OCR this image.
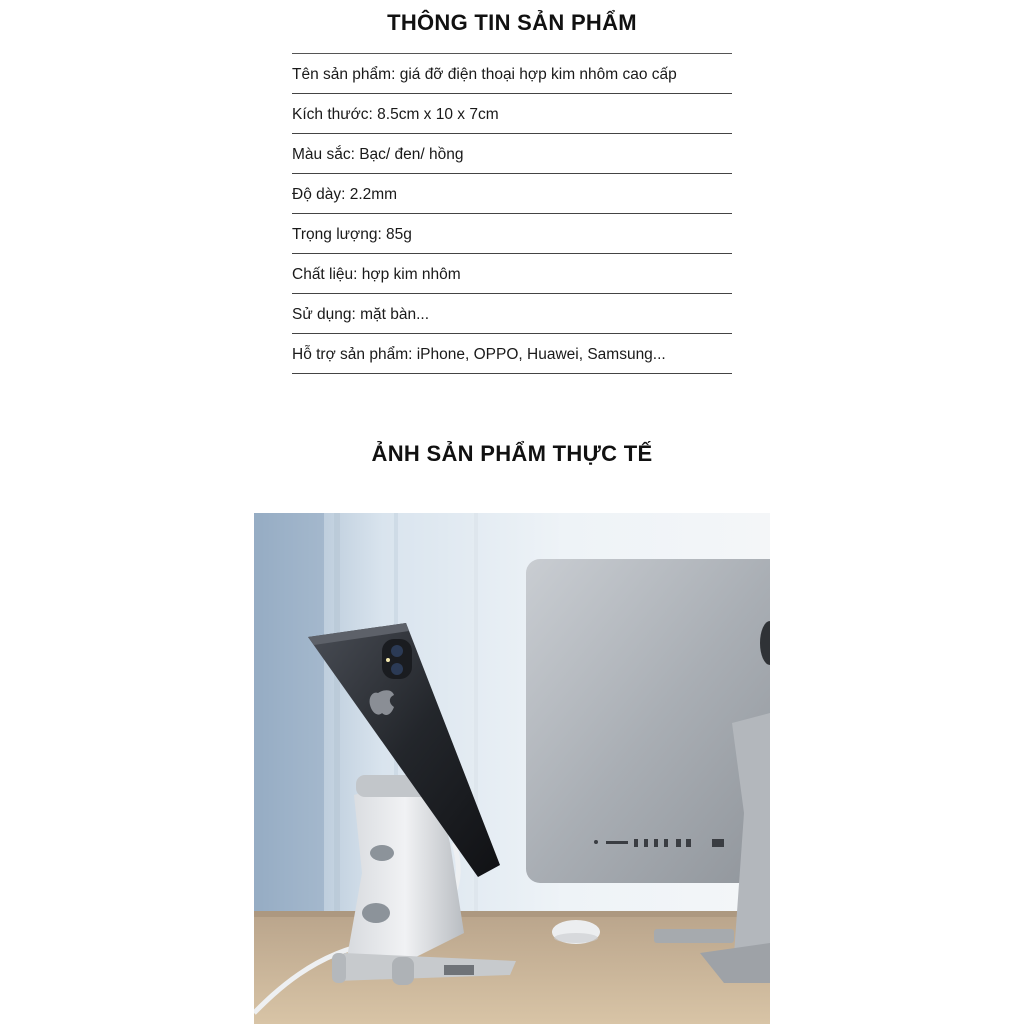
THÔNG TIN SẢN PHẨM
Tên sản phẩm: giá đỡ điện thoại hợp kim nhôm cao cấp
Kích thước: 8.5cm x 10 x 7cm
Màu sắc: Bạc/ đen/ hồng
Độ dày: 2.2mm
Trọng lượng: 85g
Chất liệu: hợp kim nhôm
Sử dụng: mặt bàn...
Hỗ trợ sản phẩm: iPhone, OPPO, Huawei, Samsung...
ẢNH SẢN PHẨM THỰC TẾ
